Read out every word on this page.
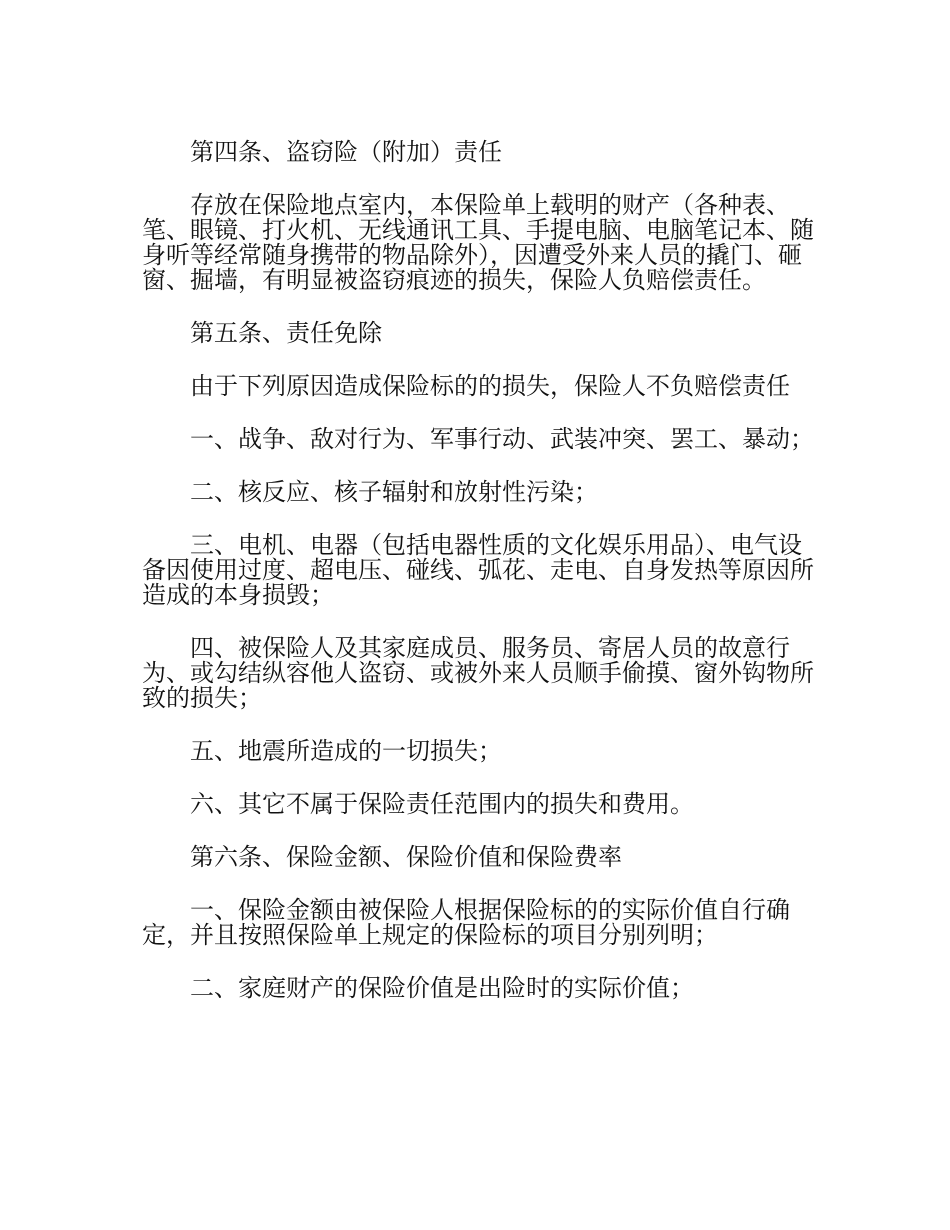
第四条、盗窃险（附加）责任

存放在保险地点室内，本保险单上载明的财产（各种表、笔、眼镜、打火机、无线通讯工具、手提电脑、电脑笔记本、随身听等经常随身携带的物品除外），因遭受外来人员的撬门、砸窗、掘墙，有明显被盗窃痕迹的损失，保险人负赔偿责任。

第五条、责任免除

由于下列原因造成保险标的的损失，保险人不负赔偿责任

一、战争、敌对行为、军事行动、武装冲突、罢工、暴动；

二、核反应、核子辐射和放射性污染；

三、电机、电器（包括电器性质的文化娱乐用品）、电气设备因使用过度、超电压、碰线、弧花、走电、自身发热等原因所造成的本身损毁；

四、被保险人及其家庭成员、服务员、寄居人员的故意行为、或勾结纵容他人盗窃、或被外来人员顺手偷摸、窗外钩物所致的损失；

五、地震所造成的一切损失；

六、其它不属于保险责任范围内的损失和费用。

第六条、保险金额、保险价值和保险费率

一、保险金额由被保险人根据保险标的的实际价值自行确定，并且按照保险单上规定的保险标的项目分别列明；

二、家庭财产的保险价值是出险时的实际价值；
